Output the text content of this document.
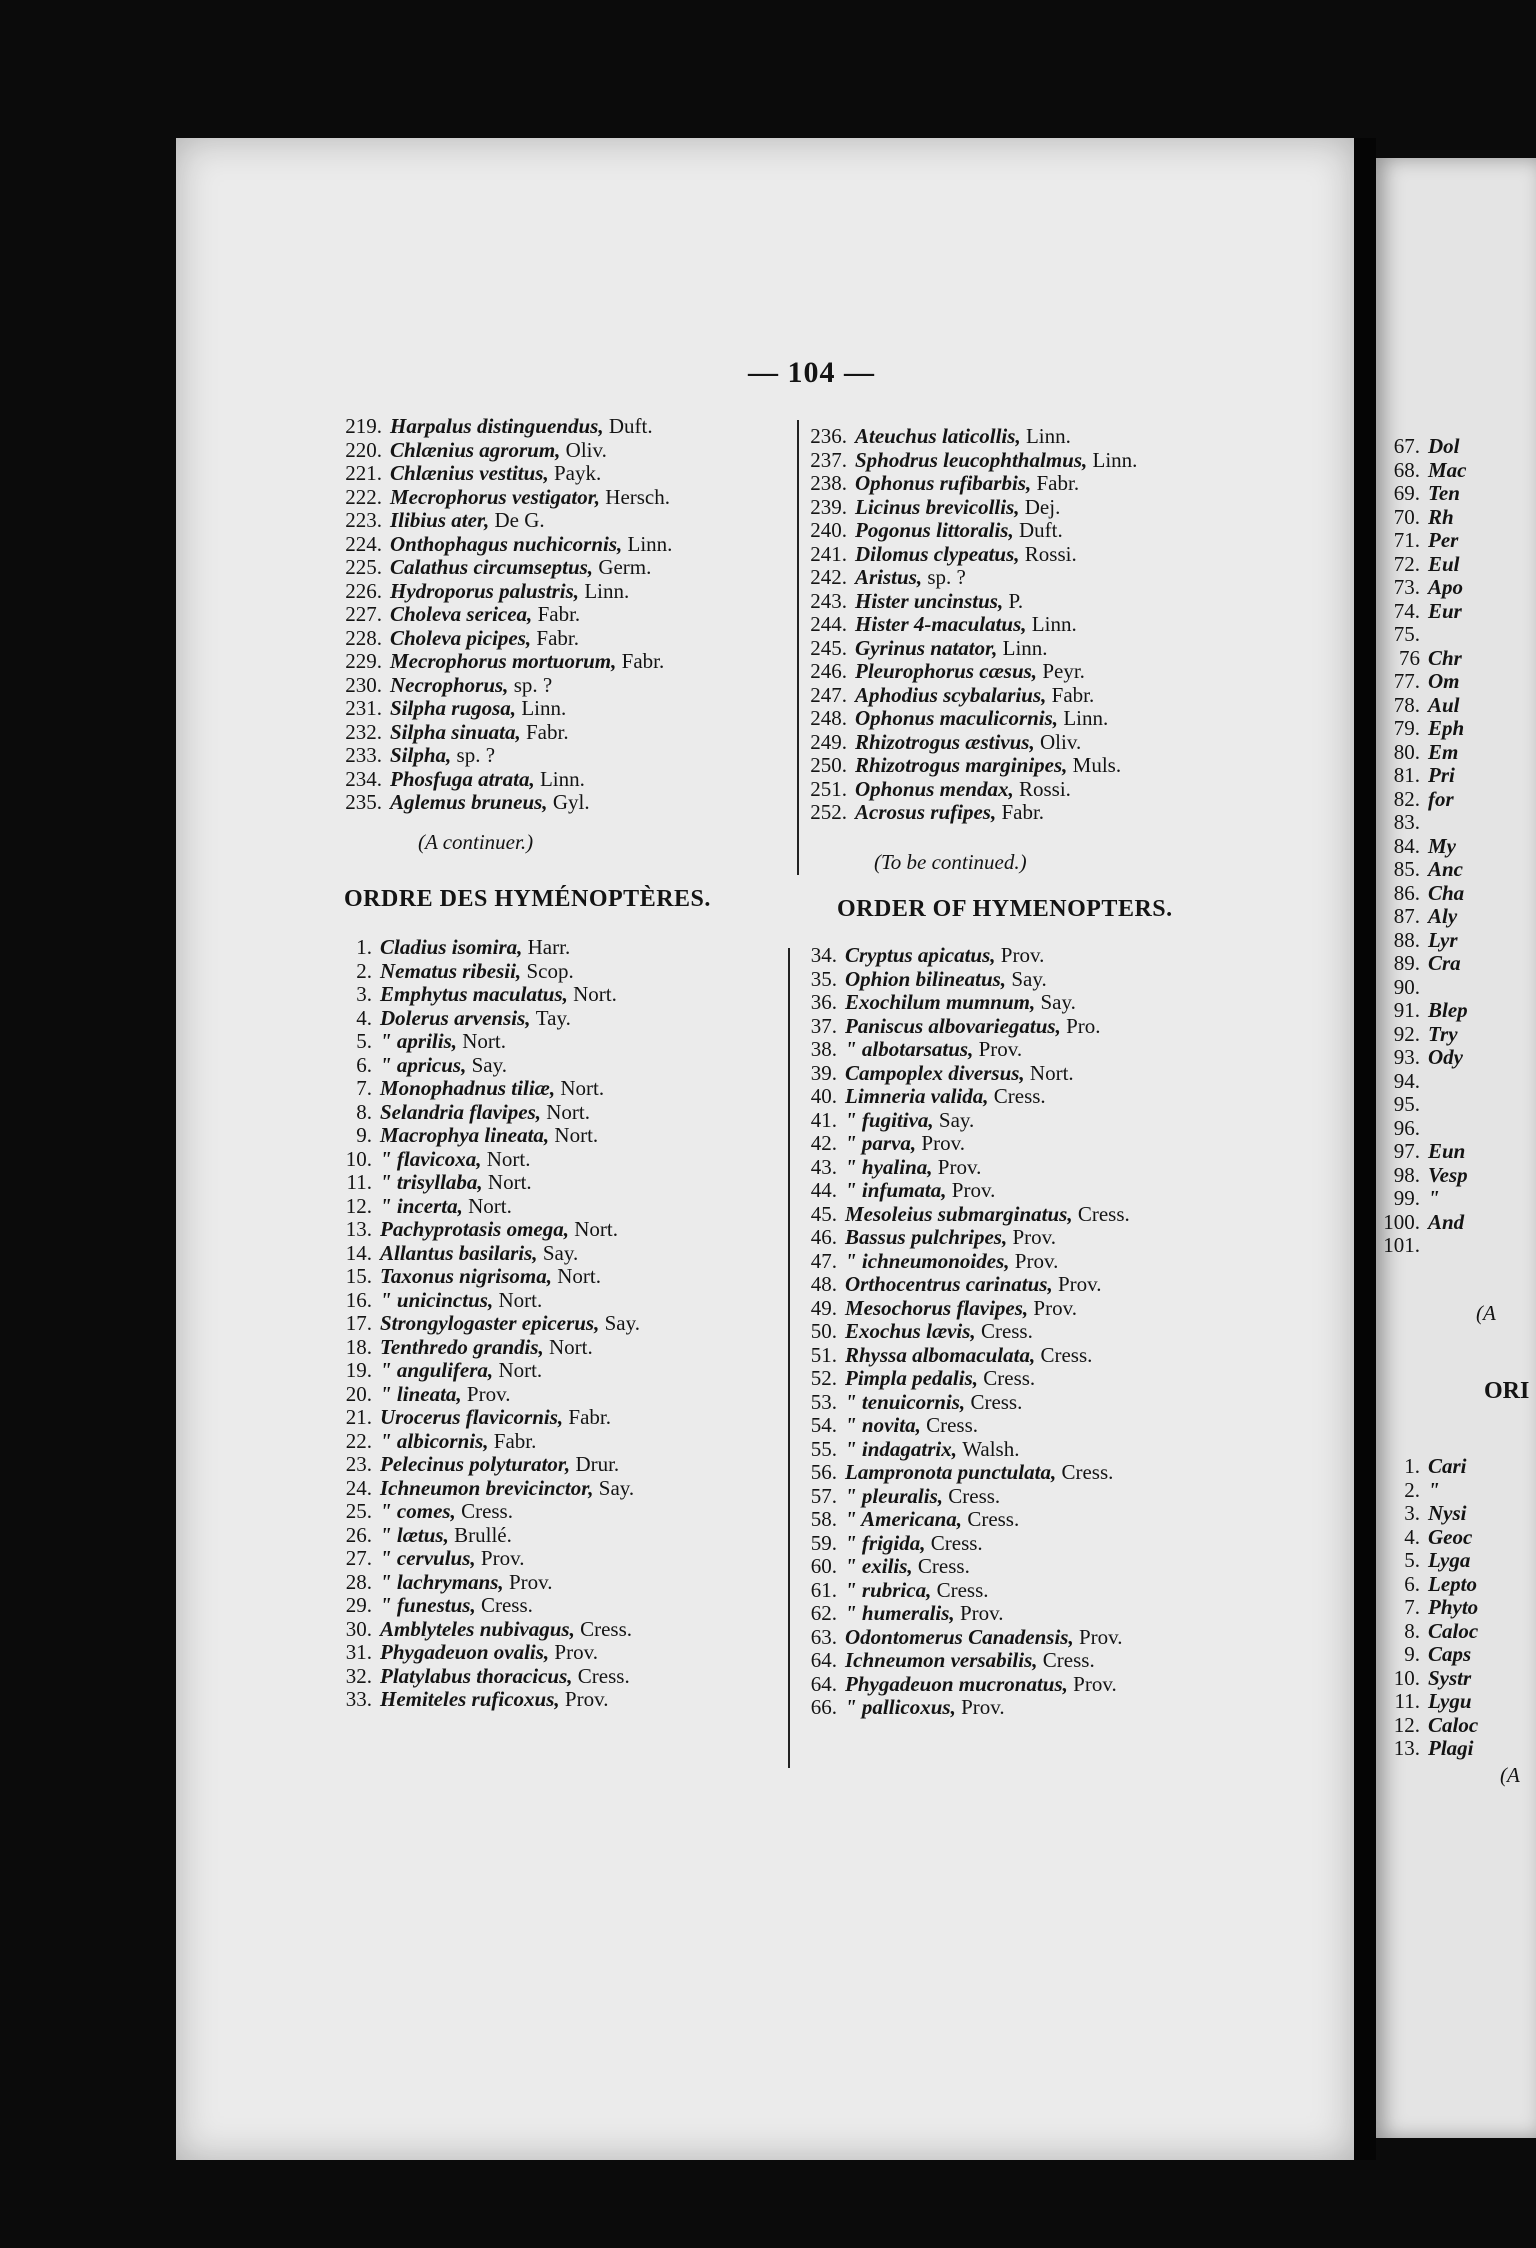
67. Dol
68. Mac
69. Ten
70. Rh
71. Per
72. Eul
73. Apo
74. Eur
75.
76 Chr
77. Om
78. Aul
79. Eph
80. Em
81. Pri
82. for
83.
84. My
85. Anc
86. Cha
87. Aly
88. Lyr
89. Cra
90.
91. Blep
92. Try
93. Ody
94.
95.
96.
97. Eun
98. Vesp
99. "
100. And
101.
(A
ORI
1. Cari
2. "
3. Nysi
4. Geoc
5. Lyga
6. Lepto
7. Phyto
8. Caloc
9. Caps
10. Systr
11. Lygu
12. Caloc
13. Plagi
(A
— 104 —
219. Harpalus distinguendus,
Duft.
220. Chlænius agrorum,
Oliv.
221. Chlænius vestitus,
Payk.
222. Mecrophorus vestigator,
Hersch.
223. Ilibius ater,
De G.
224. Onthophagus nuchicornis,
Linn.
225. Calathus circumseptus,
Germ.
226. Hydroporus palustris,
Linn.
227. Choleva sericea,
Fabr.
228. Choleva picipes,
Fabr.
229. Mecrophorus mortuorum,
Fabr.
230. Necrophorus,
sp. ?
231. Silpha rugosa,
Linn.
232. Silpha sinuata,
Fabr.
233. Silpha,
sp. ?
234. Phosfuga atrata,
Linn.
235. Aglemus bruneus,
Gyl.
(A continuer.)
236. Ateuchus laticollis,
Linn.
237. Sphodrus leucophthalmus,
Linn.
238. Ophonus rufibarbis,
Fabr.
239. Licinus brevicollis,
Dej.
240. Pogonus littoralis,
Duft.
241. Dilomus clypeatus,
Rossi.
242. Aristus,
sp. ?
243. Hister uncinstus,
P.
244. Hister 4-maculatus,
Linn.
245. Gyrinus natator,
Linn.
246. Pleurophorus cæsus,
Peyr.
247. Aphodius scybalarius,
Fabr.
248. Ophonus maculicornis,
Linn.
249. Rhizotrogus æstivus,
Oliv.
250. Rhizotrogus marginipes,
Muls.
251. Ophonus mendax,
Rossi.
252. Acrosus rufipes,
Fabr.
(To be continued.)
ORDRE DES HYMÉNOPTÈRES.	ORDER OF HYMENOPTERS.
1. Cladius isomira,
Harr.
2. Nematus ribesii,
Scop.
3. Emphytus maculatus,
Nort.
4. Dolerus arvensis,
Tay.
5. " aprilis,
Nort.
6. " apricus,
Say.
7. Monophadnus tiliæ,
Nort.
8. Selandria flavipes,
Nort.
9. Macrophya lineata,
Nort.
10. " flavicoxa,
Nort.
11. " trisyllaba,
Nort.
12. " incerta,
Nort.
13. Pachyprotasis omega,
Nort.
14. Allantus basilaris,
Say.
15. Taxonus nigrisoma,
Nort.
16. " unicinctus,
Nort.
17. Strongylogaster epicerus,
Say.
18. Tenthredo grandis,
Nort.
19. " angulifera,
Nort.
20. " lineata,
Prov.
21. Urocerus flavicornis,
Fabr.
22. " albicornis,
Fabr.
23. Pelecinus polyturator,
Drur.
24. Ichneumon brevicinctor,
Say.
25. " comes,
Cress.
26. " lætus,
Brullé.
27. " cervulus,
Prov.
28. " lachrymans,
Prov.
29. " funestus,
Cress.
30. Amblyteles nubivagus,
Cress.
31. Phygadeuon ovalis,
Prov.
32. Platylabus thoracicus,
Cress.
33. Hemiteles ruficoxus,
Prov.
34. Cryptus apicatus,
Prov.
35. Ophion bilineatus,
Say.
36. Exochilum mumnum,
Say.
37. Paniscus albovariegatus,
Pro.
38. " albotarsatus,
Prov.
39. Campoplex diversus,
Nort.
40. Limneria valida,
Cress.
41. " fugitiva,
Say.
42. " parva,
Prov.
43. " hyalina,
Prov.
44. " infumata,
Prov.
45. Mesoleius submarginatus,
Cress.
46. Bassus pulchripes,
Prov.
47. " ichneumonoides,
Prov.
48. Orthocentrus carinatus,
Prov.
49. Mesochorus flavipes,
Prov.
50. Exochus lævis,
Cress.
51. Rhyssa albomaculata,
Cress.
52. Pimpla pedalis,
Cress.
53. " tenuicornis,
Cress.
54. " novita,
Cress.
55. " indagatrix,
Walsh.
56. Lampronota punctulata,
Cress.
57. " pleuralis,
Cress.
58. " Americana,
Cress.
59. " frigida,
Cress.
60. " exilis,
Cress.
61. " rubrica,
Cress.
62. " humeralis,
Prov.
63. Odontomerus Canadensis,
Prov.
64. Ichneumon versabilis,
Cress.
64. Phygadeuon mucronatus,
Prov.
66. " pallicoxus,
Prov.
